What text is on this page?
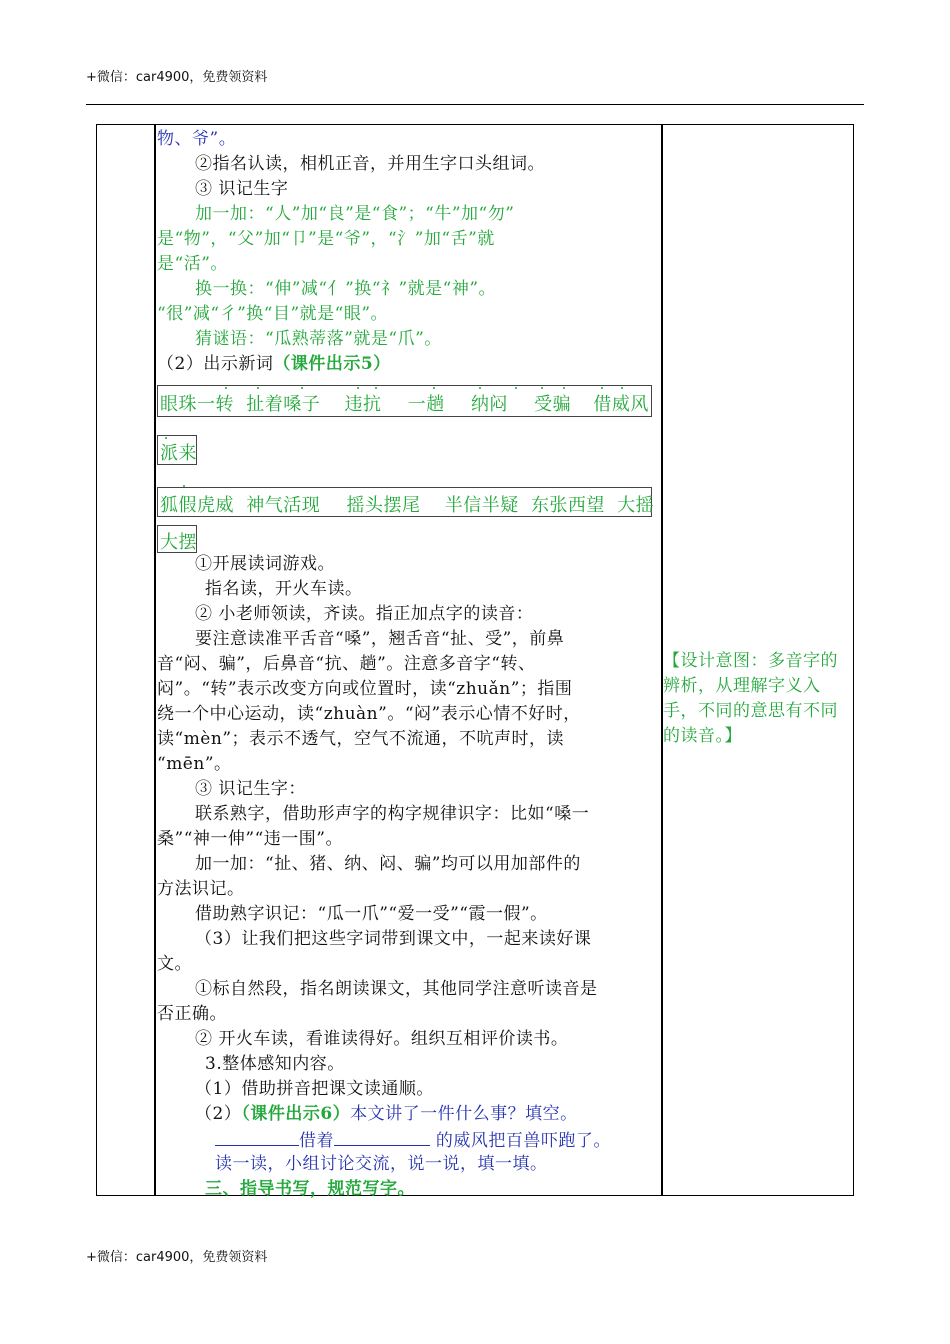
+微信：car4900，免费领资料
物、爷”。
②指名认读，相机正音，并用生字口头组词。
③ 识记生字
加一加：“人”加“良”是“食”；“牛”加“勿”
是“物”，“父”加“卩”是“爷”，“氵”加“舌”就
是“活”。
换一换：“伸”减“亻”换“礻”就是“神”。
“很”减“彳”换“目”就是“眼”。
猜谜语：“瓜熟蒂落”就是“爪”。
（2）出示新词（课件出示5）
眼珠一转 扯着嗓子 违抗 一趟 纳闷 受骗 借威风
派来
狐假虎威 神气活现 摇头摆尾 半信半疑 东张西望 大摇
大摆
①开展读词游戏。
指名读，开火车读。
② 小老师领读，齐读。指正加点字的读音：
要注意读准平舌音“嗓”，翘舌音“扯、受”，前鼻
音“闷、骗”，后鼻音“抗、趟”。注意多音字“转、
闷”。“转”表示改变方向或位置时，读“zhuǎn”；指围
绕一个中心运动，读“zhuàn”。“闷”表示心情不好时，
读“mèn”；表示不透气，空气不流通，不吭声时，读
“mēn”。
③ 识记生字：
联系熟字，借助形声字的构字规律识字：比如“嗓一
桑”“神一伸”“违一围”。
加一加：“扯、猪、纳、闷、骗”均可以用加部件的
方法识记。
借助熟字识记：“瓜一爪”“爱一受”“霞一假”。
（3）让我们把这些字词带到课文中，一起来读好课
文。
①标自然段，指名朗读课文，其他同学注意听读音是
否正确。
② 开火车读，看谁读得好。组织互相评价读书。
3.整体感知内容。
（1）借助拼音把课文读通顺。
（2）（课件出示6）本文讲了一件什么事？填空。
借着	的威风把百兽吓跑了。
读一读，小组讨论交流，说一说，填一填。
三、指导书写，规范写字。
【设计意图：多音字的辨析，从理解字义入手，不同的意思有不同的读音。】
+微信：car4900，免费领资料
